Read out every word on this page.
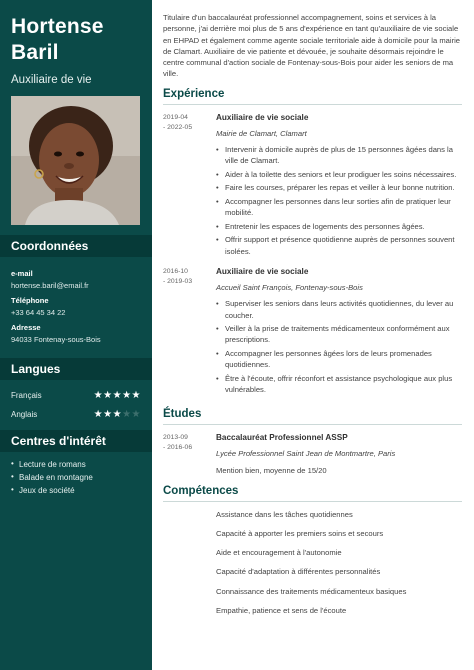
Hortense
Baril
Auxiliaire de vie
Coordonnées
e-mail
hortense.baril@email.fr
Téléphone
+33 64 45 34 22
Adresse
94033 Fontenay-sous-Bois
Langues
Français	★★★★★
Anglais	★★★★★
Centres d'intérêt
• Lecture de romans
• Balade en montagne
• Jeux de société
Titulaire d'un baccalauréat professionnel accompagnement, soins et services à la personne, j'ai derrière moi plus de 5 ans d'expérience en tant qu'auxiliaire de vie sociale en EHPAD et également comme agente sociale territoriale aide à domicile pour la mairie de Clamart. Auxiliaire de vie patiente et dévouée, je souhaite désormais rejoindre le centre communal d'action sociale de Fontenay-sous-Bois pour aider les seniors de ma ville.
Expérience
2019-04
- 2022-05
Auxiliaire de vie sociale
Mairie de Clamart, Clamart
• Intervenir à domicile auprès de plus de 15 personnes âgées dans la ville de Clamart.
• Aider à la toilette des seniors et leur prodiguer les soins nécessaires.
• Faire les courses, préparer les repas et veiller à leur bonne nutrition.
• Accompagner les personnes dans leur sorties afin de pratiquer leur mobilité.
• Entretenir les espaces de logements des personnes âgées.
• Offrir support et présence quotidienne auprès de personnes souvent isolées.
2016-10
- 2019-03
Auxiliaire de vie sociale
Accueil Saint François, Fontenay-sous-Bois
• Superviser les seniors dans leurs activités quotidiennes, du lever au coucher.
• Veiller à la prise de traitements médicamenteux conformément aux prescriptions.
• Accompagner les personnes âgées lors de leurs promenades quotidiennes.
• Être à l'écoute, offrir réconfort et assistance psychologique aux plus vulnérables.
Études
2013-09
- 2016-06
Baccalauréat Professionnel ASSP
Lycée Professionnel Saint Jean de Montmartre, Paris
Mention bien, moyenne de 15/20
Compétences
Assistance dans les tâches quotidiennes
Capacité à apporter les premiers soins et secours
Aide et encouragement à l'autonomie
Capacité d'adaptation à différentes personnalités
Connaissance des traitements médicamenteux basiques
Empathie, patience et sens de l'écoute
